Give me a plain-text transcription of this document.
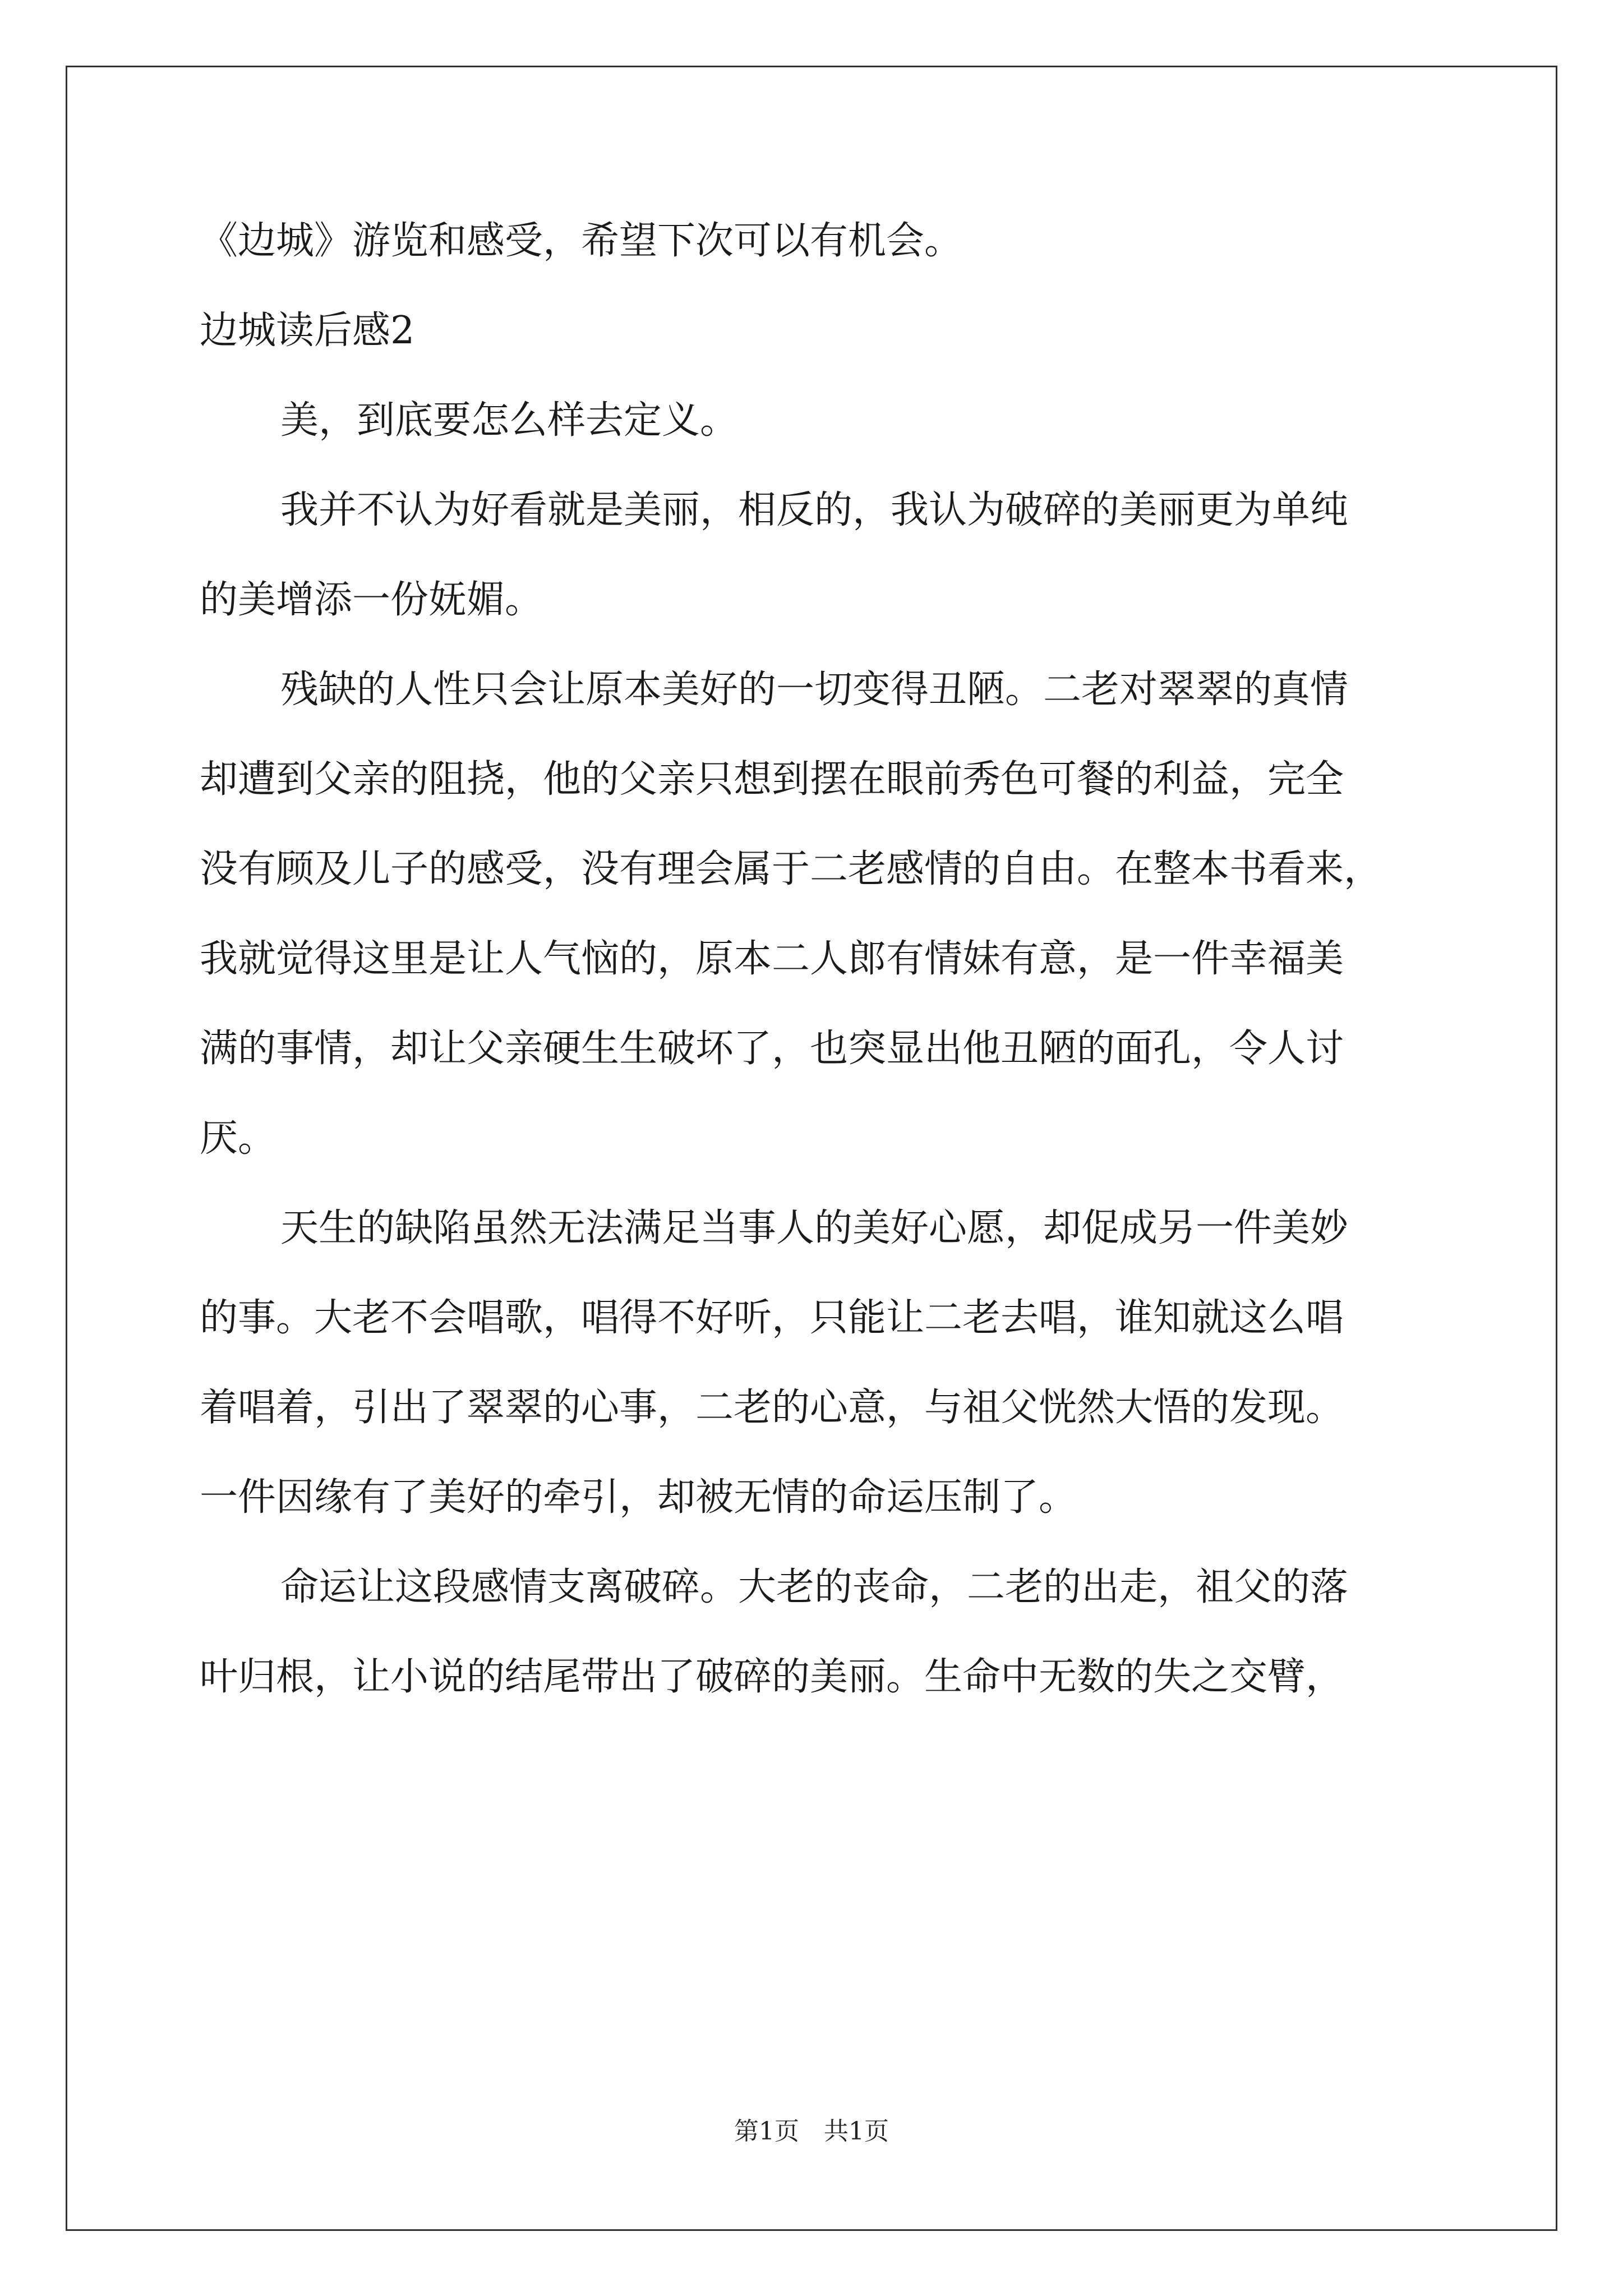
《边城》游览和感受，希望下次可以有机会。
边城读后感2
美，到底要怎么样去定义。
我并不认为好看就是美丽，相反的，我认为破碎的美丽更为单纯
的美增添一份妩媚。
残缺的人性只会让原本美好的一切变得丑陋。二老对翠翠的真情
却遭到父亲的阻挠，他的父亲只想到摆在眼前秀色可餐的利益，完全
没有顾及儿子的感受，没有理会属于二老感情的自由。在整本书看来，
我就觉得这里是让人气恼的，原本二人郎有情妹有意，是一件幸福美
满的事情，却让父亲硬生生破坏了，也突显出他丑陋的面孔，令人讨
厌。
天生的缺陷虽然无法满足当事人的美好心愿，却促成另一件美妙
的事。大老不会唱歌，唱得不好听，只能让二老去唱，谁知就这么唱
着唱着，引出了翠翠的心事，二老的心意，与祖父恍然大悟的发现。
一件因缘有了美好的牵引，却被无情的命运压制了。
命运让这段感情支离破碎。大老的丧命，二老的出走，祖父的落
叶归根，让小说的结尾带出了破碎的美丽。生命中无数的失之交臂，
第1页　共1页
